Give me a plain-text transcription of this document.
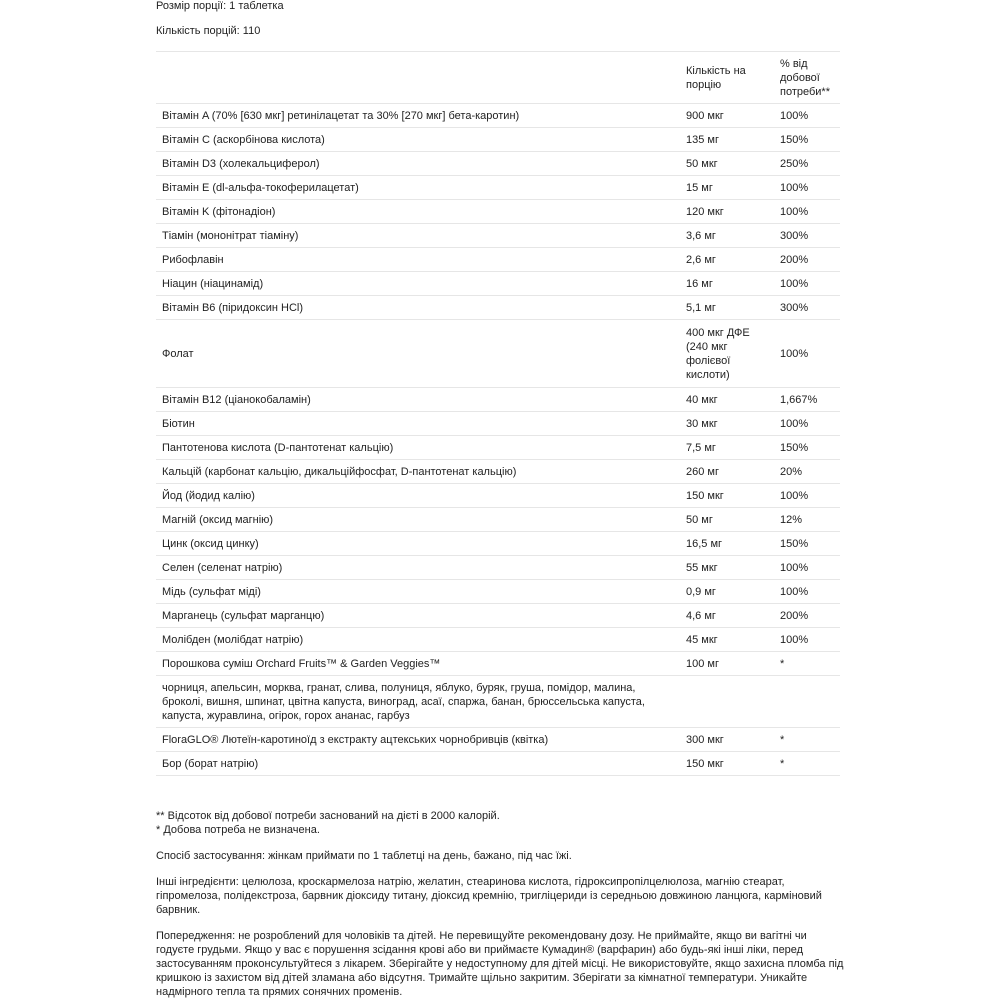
Розмір порції: 1 таблетка
Кількість порцій: 110
	Кількість на порцію	% від добової потреби**
Вітамін A (70% [630 мкг] ретинілацетат та 30% [270 мкг] бета-каротин)	900 мкг	100%
Вітамін C (аскорбінова кислота)	135 мг	150%
Вітамін D3 (холекальциферол)	50 мкг	250%
Вітамін E (dl-альфа-токоферилацетат)	15 мг	100%
Вітамін K (фітонадіон)	120 мкг	100%
Тіамін (мононітрат тіаміну)	3,6 мг	300%
Рибофлавін	2,6 мг	200%
Ніацин (ніацинамід)	16 мг	100%
Вітамін B6 (піридоксин HCl)	5,1 мг	300%
Фолат	400 мкг ДФЕ (240 мкг фолієвої кислоти)	100%
Вітамін B12 (ціанокобаламін)	40 мкг	1,667%
Біотин	30 мкг	100%
Пантотенова кислота (D-пантотенат кальцію)	7,5 мг	150%
Кальцій (карбонат кальцію, дикальційфосфат, D-пантотенат кальцію)	260 мг	20%
Йод (йодид калію)	150 мкг	100%
Магній (оксид магнію)	50 мг	12%
Цинк (оксид цинку)	16,5 мг	150%
Селен (селенат натрію)	55 мкг	100%
Мідь (сульфат міді)	0,9 мг	100%
Марганець (сульфат марганцю)	4,6 мг	200%
Молібден (молібдат натрію)	45 мкг	100%
Порошкова суміш Orchard Fruits™ & Garden Veggies™	100 мг	*
чорниця, апельсин, морква, гранат, слива, полуниця, яблуко, буряк, груша, помідор, малина, броколі, вишня, шпинат, цвітна капуста, виноград, асаї, спаржа, банан, брюссельська капуста, капуста, журавлина, огірок, горох ананас, гарбуз		
FloraGLO® Лютеїн-каротиноїд з екстракту ацтекських чорнобривців (квітка)	300 мкг	*
Бор (борат натрію)	150 мкг	*

** Відсоток від добової потреби заснований на дієті в 2000 калорій.

* Добова потреба не визначена.

Спосіб застосування: жінкам приймати по 1 таблетці на день, бажано, під час їжі.

Інші інгредієнти: целюлоза, кроскармелоза натрію, желатин, стеаринова кислота, гідроксипропілцелюлоза, магнію стеарат, гіпромелоза, полідекстроза, барвник діоксиду титану, діоксид кремнію, тригліцериди із середньою довжиною ланцюга, кармінoвий барвник.

Попередження: не розроблений для чоловіків та дітей. Не перевищуйте рекомендовану дозу. Не приймайте, якщо ви вагітні чи годуєте грудьми. Якщо у вас є порушення зсідання крові або ви приймаєте Кумадин® (варфарин) або будь-які інші ліки, перед застосуванням проконсультуйтеся з лікарем. Зберігайте у недоступному для дітей місці. Не використовуйте, якщо захисна пломба під кришкою із захистом від дітей зламана або відсутня. Тримайте щільно закритим. Зберігати за кімнатної температури. Уникайте надмірного тепла та прямих сонячних променів.
